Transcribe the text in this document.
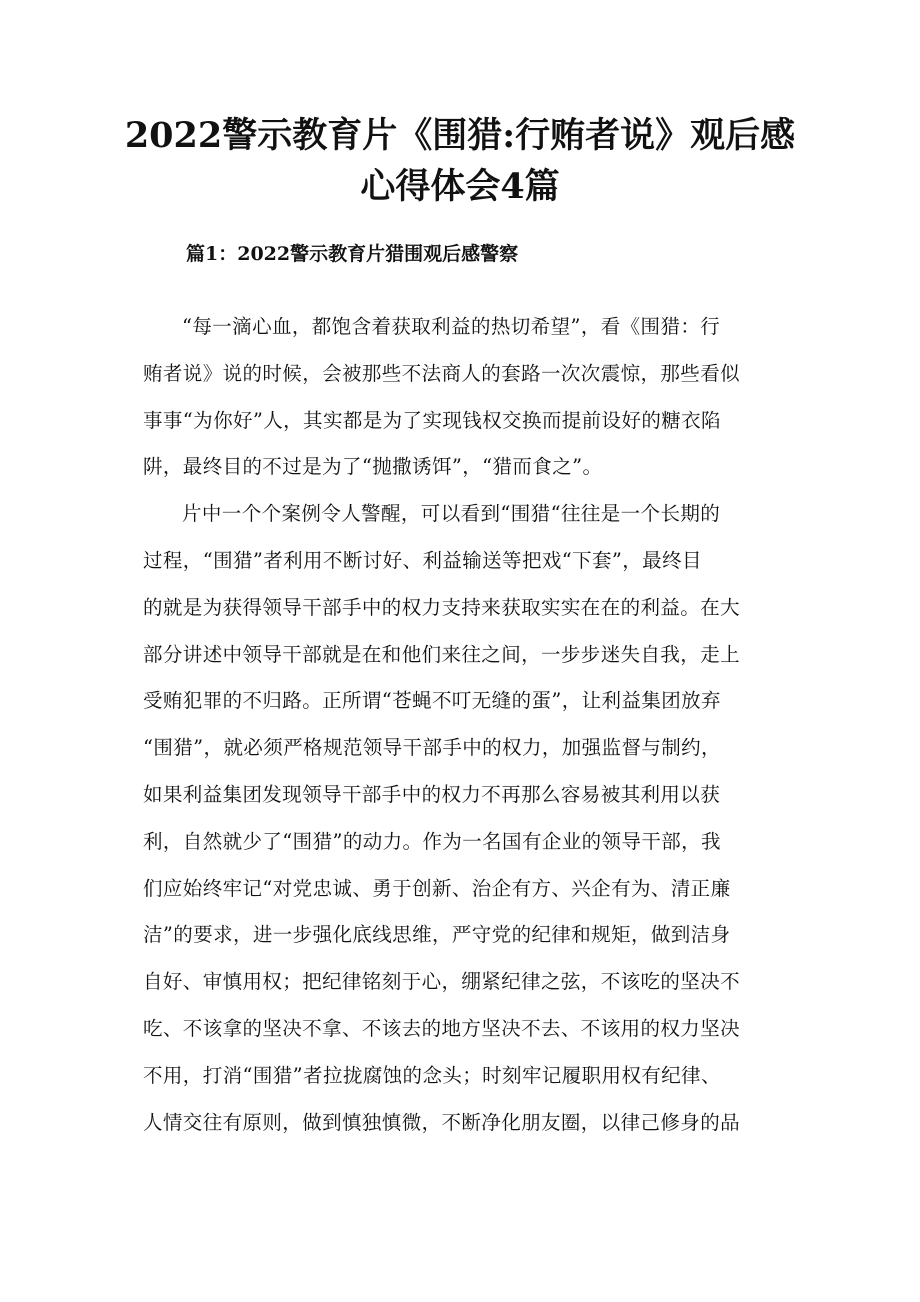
2022警示教育片《围猎:行贿者说》观后感
心得体会4篇
篇1：2022警示教育片猎围观后感警察
“每一滴心血，都饱含着获取利益的热切希望”，看《围猎：行
贿者说》说的时候，会被那些不法商人的套路一次次震惊，那些看似
事事“为你好”人，其实都是为了实现钱权交换而提前设好的糖衣陷
阱，最终目的不过是为了“抛撒诱饵”，“猎而食之”。
片中一个个案例令人警醒，可以看到“围猎“往往是一个长期的
过程，“围猎”者利用不断讨好、利益输送等把戏“下套”，最终目
的就是为获得领导干部手中的权力支持来获取实实在在的利益。在大
部分讲述中领导干部就是在和他们来往之间，一步步迷失自我，走上
受贿犯罪的不归路。正所谓“苍蝇不叮无缝的蛋”，让利益集团放弃
“围猎”，就必须严格规范领导干部手中的权力，加强监督与制约，
如果利益集团发现领导干部手中的权力不再那么容易被其利用以获
利，自然就少了“围猎”的动力。作为一名国有企业的领导干部，我
们应始终牢记“对党忠诚、勇于创新、治企有方、兴企有为、清正廉
洁”的要求，进一步强化底线思维，严守党的纪律和规矩，做到洁身
自好、审慎用权；把纪律铭刻于心，绷紧纪律之弦，不该吃的坚决不
吃、不该拿的坚决不拿、不该去的地方坚决不去、不该用的权力坚决
不用，打消“围猎”者拉拢腐蚀的念头；时刻牢记履职用权有纪律、
人情交往有原则，做到慎独慎微，不断净化朋友圈，以律己修身的品
